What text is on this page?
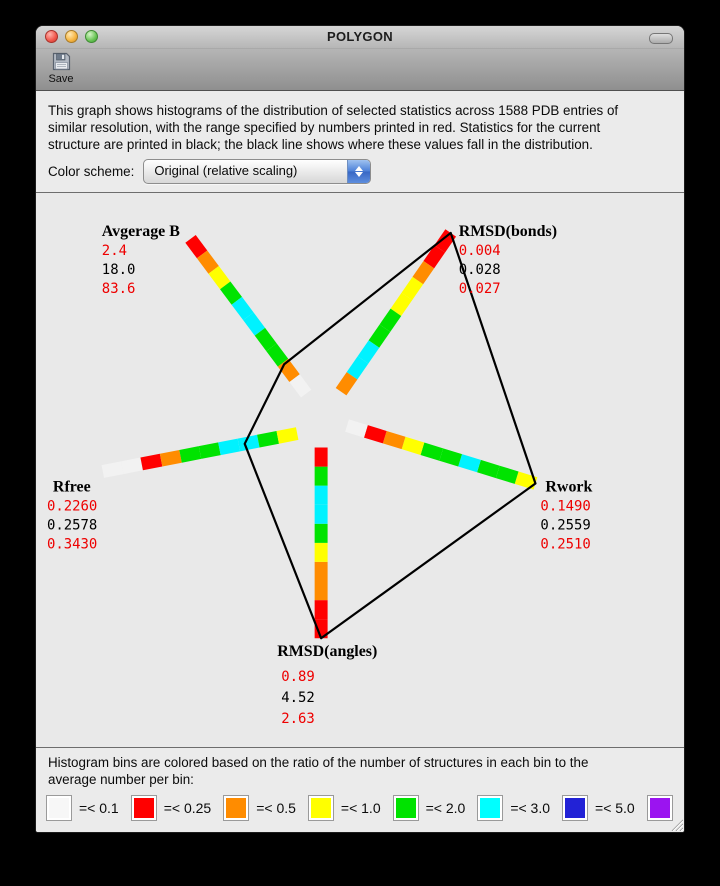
POLYGON
Save
This graph shows histograms of the distribution of selected statistics across 1588 PDB entries of
similar resolution, with the range specified by numbers printed in red. Statistics for the current
structure are printed in black; the black line shows where these values fall in the distribution.
Color scheme: Original (relative scaling)
Avgerage B
2.4
18.0
83.6
RMSD(bonds)
0.004
0.028
0.027
Rwork
0.1490
0.2559
0.2510
RMSD(angles)
0.89
4.52
2.63
Rfree
0.2260
0.2578
0.3430
Histogram bins are colored based on the ratio of the number of structures in each bin to the
average number per bin:
=< 0.1	=< 0.25	=< 0.5	=< 1.0	=< 2.0	=< 3.0	=< 5.0
